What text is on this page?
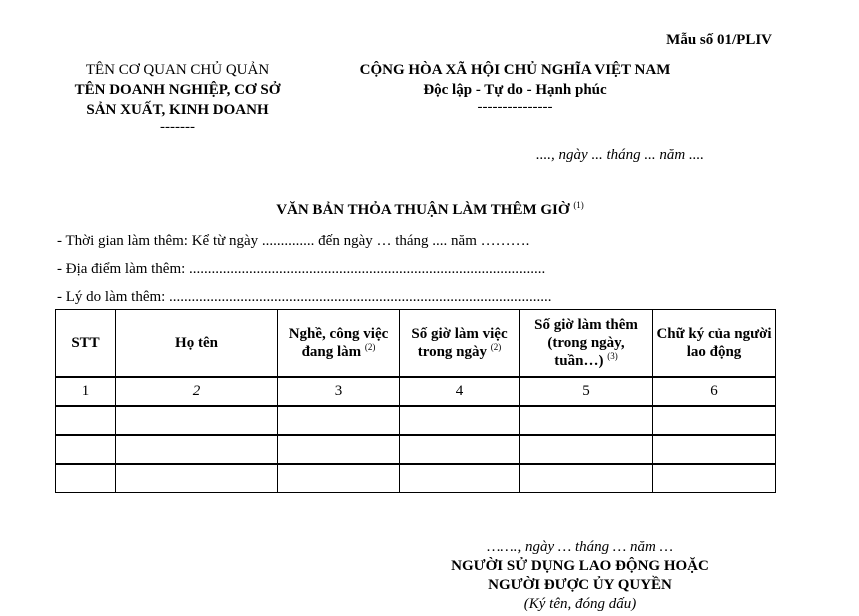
Mẫu số 01/PLIV
TÊN CƠ QUAN CHỦ QUẢN
TÊN DOANH NGHIỆP, CƠ SỞ
SẢN XUẤT, KINH DOANH
-------
CỘNG HÒA XÃ HỘI CHỦ NGHĨA VIỆT NAM
Độc lập - Tự do - Hạnh phúc
---------------
...., ngày ... tháng ... năm ....
VĂN BẢN THỎA THUẬN LÀM THÊM GIỜ $^{(1)}$
- Thời gian làm thêm: Kể từ ngày .............. đến ngày … tháng .... năm ……….
- Địa điểm làm thêm: ...............................................................................................
- Lý do làm thêm: ......................................................................................................
STT	Họ tên	Nghề, công việc đang làm $^{(2)}$	Số giờ làm việc trong ngày $^{(2)}$	Số giờ làm thêm (trong ngày, tuần…) $^{(3)}$	Chữ ký của người lao động
1	2	3	4	5	6

……., ngày … tháng … năm …
NGƯỜI SỬ DỤNG LAO ĐỘNG HOẶC
NGƯỜI ĐƯỢC ỦY QUYỀN
(Ký tên, đóng dấu)
